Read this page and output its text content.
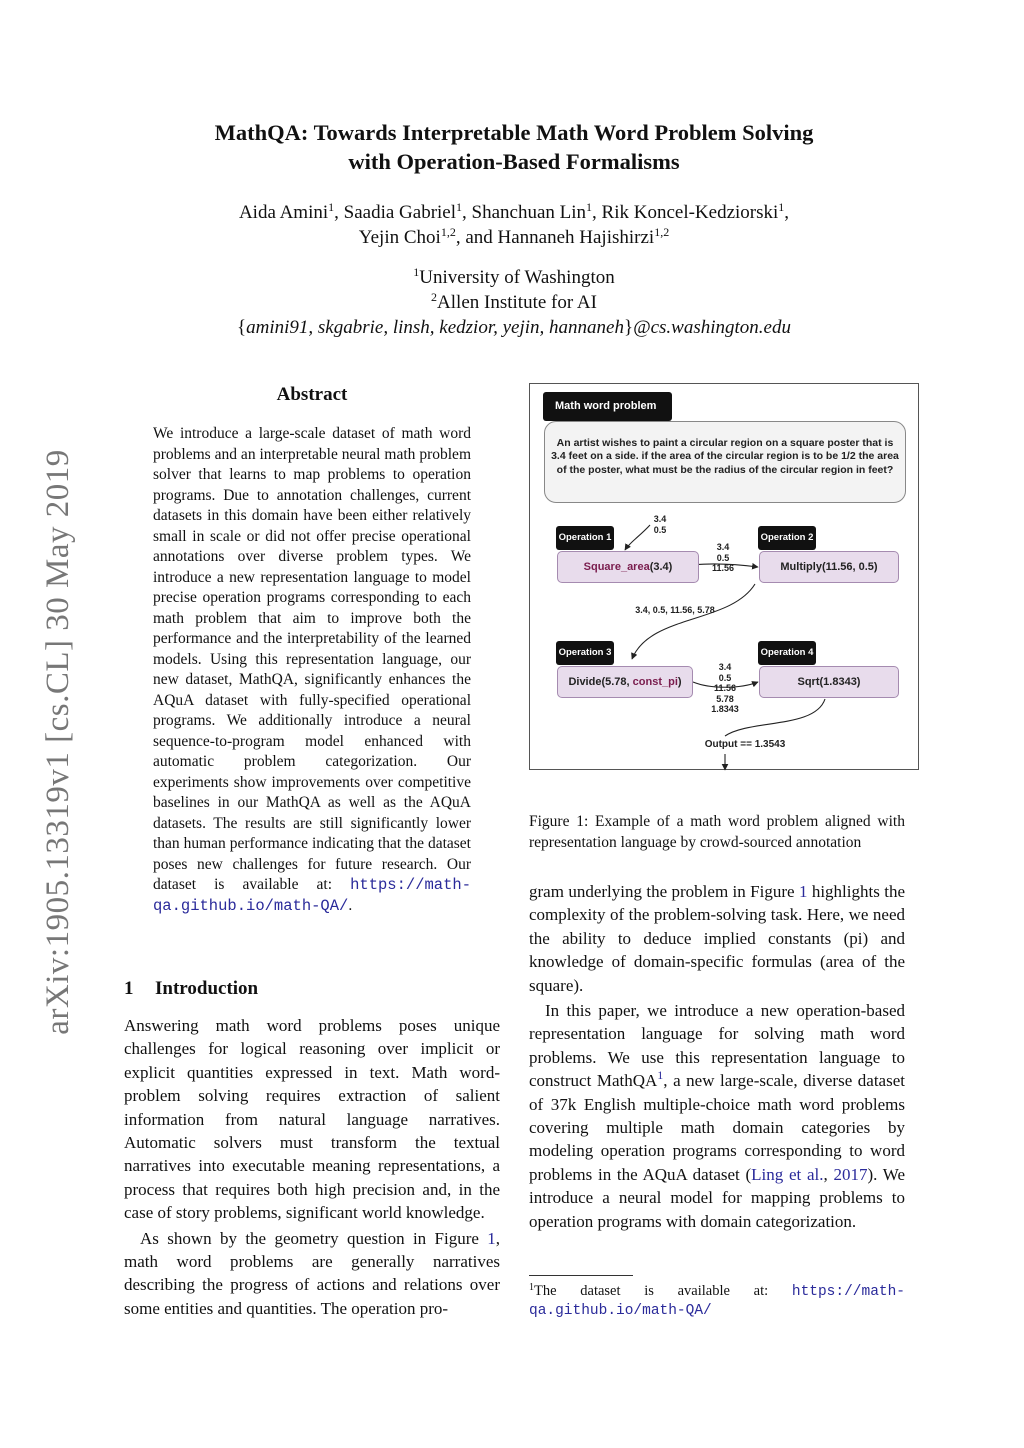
arXiv:1905.13319v1 [cs.CL] 30 May 2019
MathQA: Towards Interpretable Math Word Problem Solving
with Operation-Based Formalisms
Aida Amini$^1$, Saadia Gabriel$^1$, Shanchuan Lin$^1$, Rik Koncel-Kedziorski$^1$,
Yejin Choi$^{1,2}$, and Hannaneh Hajishirzi$^{1,2}$
$^1$University of Washington
$^2$Allen Institute for AI
{amini91, skgabrie, linsh, kedzior, yejin, hannaneh}@cs.washington.edu
Abstract
We introduce a large-scale dataset of math word problems and an interpretable neural math problem solver that learns to map problems to operation programs. Due to annotation challenges, current datasets in this domain have been either relatively small in scale or did not offer precise operational annotations over diverse problem types. We introduce a new representation language to model precise operation programs corresponding to each math problem that aim to improve both the performance and the interpretability of the learned models. Using this representation language, our new dataset, MathQA, significantly enhances the AQuA dataset with fully-specified operational programs. We additionally introduce a neural sequence-to-program model enhanced with automatic problem categorization. Our experiments show improvements over competitive baselines in our MathQA as well as the AQuA datasets. The results are still significantly lower than human performance indicating that the dataset poses new challenges for future research. Our dataset is available at: https://math-qa.github.io/math-QA/.
1 Introduction

Answering math word problems poses unique challenges for logical reasoning over implicit or explicit quantities expressed in text. Math word-problem solving requires extraction of salient information from natural language narratives. Automatic solvers must transform the textual narratives into executable meaning representations, a process that requires both high precision and, in the case of story problems, significant world knowledge.

As shown by the geometry question in Figure 1, math word problems are generally narratives describing the progress of actions and relations over some entities and quantities. The operation pro-

Math word problem
An artist wishes to paint a circular region on a square poster that is 3.4 feet on a side. if the area of the circular region is to be 1/2 the area of the poster, what must be the radius of the circular region in feet?
3.4
0.5
Operation 1
Square_area(3.4)
3.4
0.5
11.56
Operation 2
Multiply(11.56, 0.5)
3.4, 0.5, 11.56, 5.78
Operation 3
Divide(5.78, const_pi)
3.4
0.5
11.56
5.78
1.8343
Operation 4
Sqrt(1.8343)
Output == 1.3543
Figure 1: Example of a math word problem aligned with representation language by crowd-sourced annotation

gram underlying the problem in Figure 1 highlights the complexity of the problem-solving task. Here, we need the ability to deduce implied constants (pi) and knowledge of domain-specific formulas (area of the square).

In this paper, we introduce a new operation-based representation language for solving math word problems. We use this representation language to construct MathQA$^1$, a new large-scale, diverse dataset of 37k English multiple-choice math word problems covering multiple math domain categories by modeling operation programs corresponding to word problems in the AQuA dataset (Ling et al., 2017). We introduce a neural model for mapping problems to operation programs with domain categorization.

$^1$The dataset is available at: https://math-qa.github.io/math-QA/
